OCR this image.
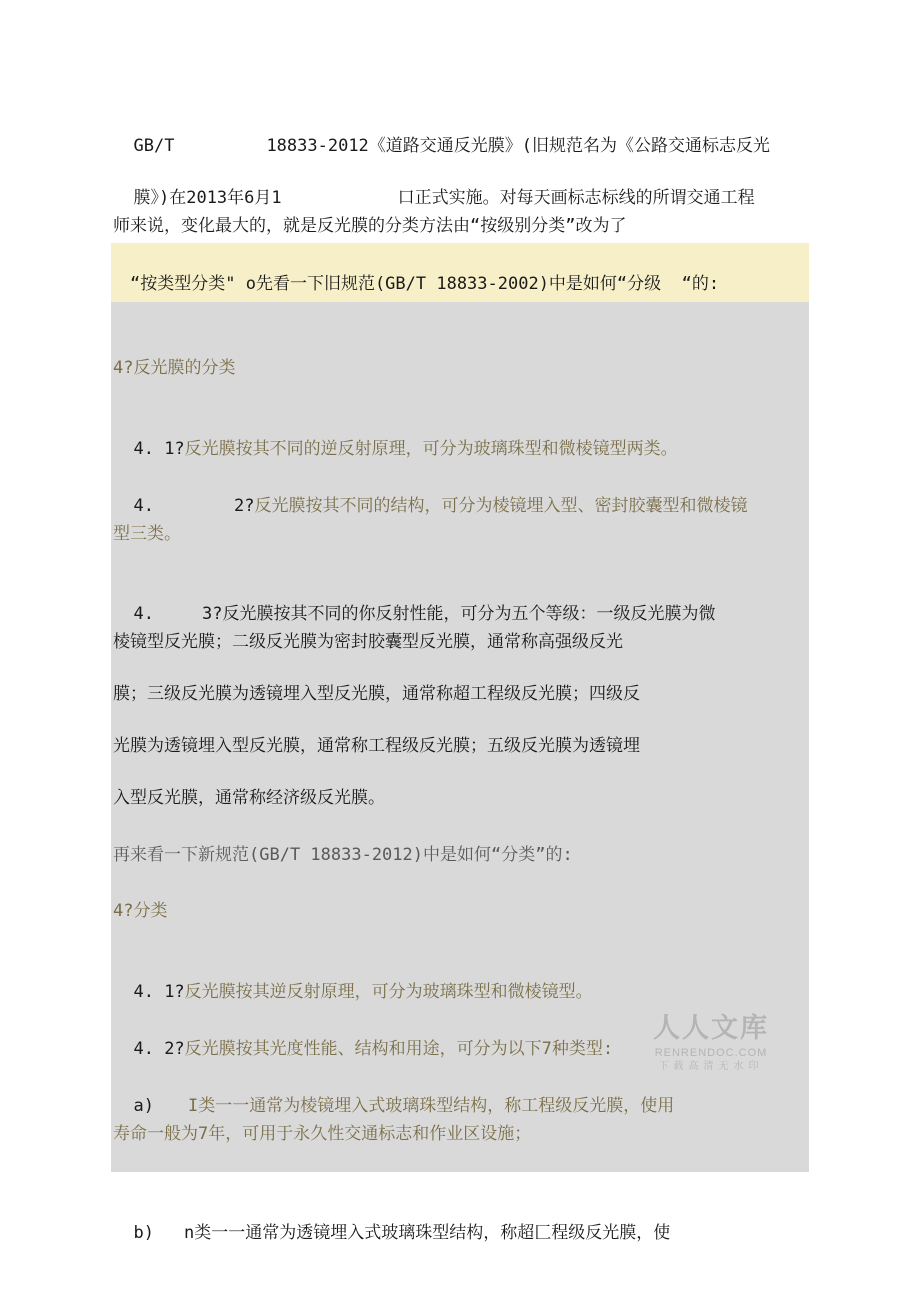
GB/T	18833-2012《道路交通反光膜》(旧规范名为《公路交通标志反光

膜》)在2013年6月1	口正式实施。对每天画标志标线的所谓交通工程

师来说，变化最大的，就是反光膜的分类方法由“按级别分类”改为了
“按类型分类" o先看一下旧规范(GB/T 18833-2002)中是如何“分级  “的:
4?反光膜的分类

4. 1?反光膜按其不同的逆反射原理，可分为玻璃珠型和微棱镜型两类。

4.	2?反光膜按其不同的结构，可分为棱镜埋入型、密封胶囊型和微棱镜

型三类。

4.	3?反光膜按其不同的你反射性能，可分为五个等级：一级反光膜为微

棱镜型反光膜；二级反光膜为密封胶囊型反光膜，通常称高强级反光
膜；三级反光膜为透镜埋入型反光膜，通常称超工程级反光膜；四级反
光膜为透镜埋入型反光膜，通常称工程级反光膜；五级反光膜为透镜埋
入型反光膜，通常称经济级反光膜。
再来看一下新规范(GB/T 18833-2012)中是如何“分类”的:
4?分类

4. 1?反光膜按其逆反射原理，可分为玻璃珠型和微棱镜型。

4. 2?反光膜按其光度性能、结构和用途，可分为以下7种类型:

a) I类一一通常为棱镜埋入式玻璃珠型结构，称工程级反光膜，使用

寿命一般为7年，可用于永久性交通标志和作业区设施；

b) n类一一通常为透镜埋入式玻璃珠型结构，称超匚程级反光膜，使

人人文库
RENRENDOC.COM
下载高清无水印
